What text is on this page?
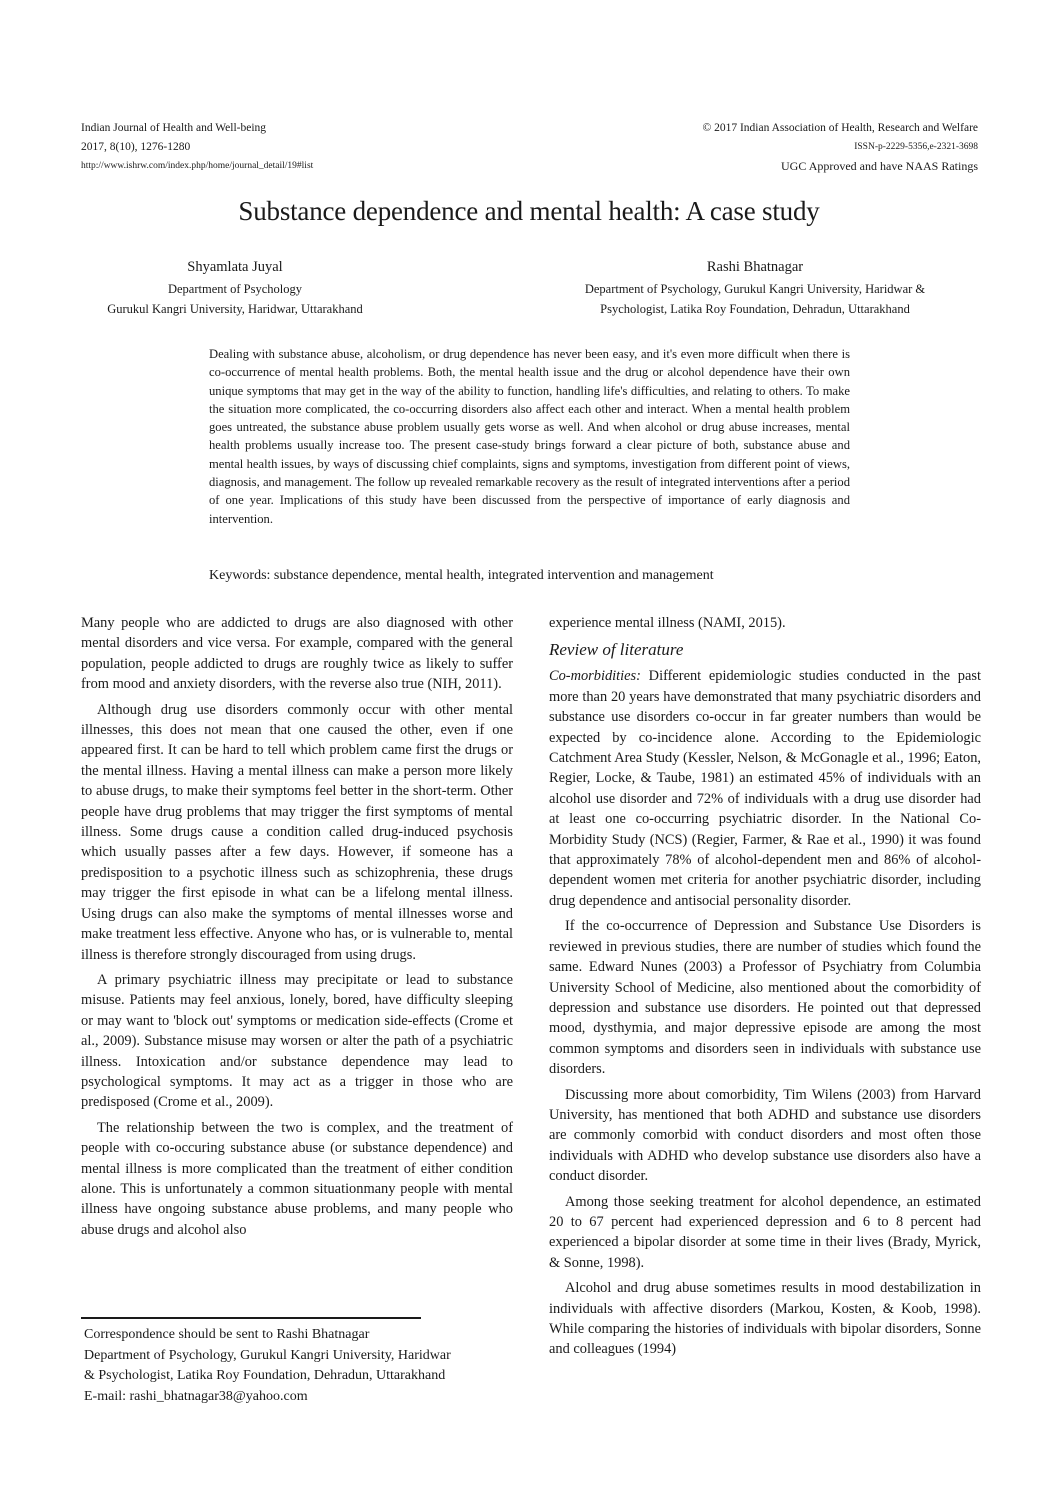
Indian Journal of Health and Well-being
2017, 8(10), 1276-1280
http://www.ishrw.com/index.php/home/journal_detail/19#list
© 2017 Indian Association of Health, Research and Welfare
ISSN-p-2229-5356,e-2321-3698
UGC Approved and have NAAS Ratings
Substance dependence and mental health: A case study
Shyamlata Juyal
Department of Psychology
Gurukul Kangri University, Haridwar, Uttarakhand
Rashi Bhatnagar
Department of Psychology, Gurukul Kangri University, Haridwar &
Psychologist, Latika Roy Foundation, Dehradun, Uttarakhand
Dealing with substance abuse, alcoholism, or drug dependence has never been easy, and it's even more difficult when there is co-occurrence of mental health problems. Both, the mental health issue and the drug or alcohol dependence have their own unique symptoms that may get in the way of the ability to function, handling life's difficulties, and relating to others. To make the situation more complicated, the co-occurring disorders also affect each other and interact. When a mental health problem goes untreated, the substance abuse problem usually gets worse as well. And when alcohol or drug abuse increases, mental health problems usually increase too. The present case-study brings forward a clear picture of both, substance abuse and mental health issues, by ways of discussing chief complaints, signs and symptoms, investigation from different point of views, diagnosis, and management. The follow up revealed remarkable recovery as the result of integrated interventions after a period of one year. Implications of this study have been discussed from the perspective of importance of early diagnosis and intervention.
Keywords: substance dependence, mental health, integrated intervention and management

Many people who are addicted to drugs are also diagnosed with other mental disorders and vice versa. For example, compared with the general population, people addicted to drugs are roughly twice as likely to suffer from mood and anxiety disorders, with the reverse also true (NIH, 2011).

Although drug use disorders commonly occur with other mental illnesses, this does not mean that one caused the other, even if one appeared first. It can be hard to tell which problem came first the drugs or the mental illness. Having a mental illness can make a person more likely to abuse drugs, to make their symptoms feel better in the short-term. Other people have drug problems that may trigger the first symptoms of mental illness. Some drugs cause a condition called drug-induced psychosis which usually passes after a few days. However, if someone has a predisposition to a psychotic illness such as schizophrenia, these drugs may trigger the first episode in what can be a lifelong mental illness. Using drugs can also make the symptoms of mental illnesses worse and make treatment less effective. Anyone who has, or is vulnerable to, mental illness is therefore strongly discouraged from using drugs.

A primary psychiatric illness may precipitate or lead to substance misuse. Patients may feel anxious, lonely, bored, have difficulty sleeping or may want to 'block out' symptoms or medication side-effects (Crome et al., 2009). Substance misuse may worsen or alter the path of a psychiatric illness. Intoxication and/or substance dependence may lead to psychological symptoms. It may act as a trigger in those who are predisposed (Crome et al., 2009).

The relationship between the two is complex, and the treatment of people with co-occuring substance abuse (or substance dependence) and mental illness is more complicated than the treatment of either condition alone. This is unfortunately a common situationmany people with mental illness have ongoing substance abuse problems, and many people who abuse drugs and alcohol also

experience mental illness (NAMI, 2015).

Review of literature

Co-morbidities: Different epidemiologic studies conducted in the past more than 20 years have demonstrated that many psychiatric disorders and substance use disorders co-occur in far greater numbers than would be expected by co-incidence alone. According to the Epidemiologic Catchment Area Study (Kessler, Nelson, & McGonagle et al., 1996; Eaton, Regier, Locke, & Taube, 1981) an estimated 45% of individuals with an alcohol use disorder and 72% of individuals with a drug use disorder had at least one co-occurring psychiatric disorder. In the National Co-Morbidity Study (NCS) (Regier, Farmer, & Rae et al., 1990) it was found that approximately 78% of alcohol-dependent men and 86% of alcohol-dependent women met criteria for another psychiatric disorder, including drug dependence and antisocial personality disorder.

If the co-occurrence of Depression and Substance Use Disorders is reviewed in previous studies, there are number of studies which found the same. Edward Nunes (2003) a Professor of Psychiatry from Columbia University School of Medicine, also mentioned about the comorbidity of depression and substance use disorders. He pointed out that depressed mood, dysthymia, and major depressive episode are among the most common symptoms and disorders seen in individuals with substance use disorders.

Discussing more about comorbidity, Tim Wilens (2003) from Harvard University, has mentioned that both ADHD and substance use disorders are commonly comorbid with conduct disorders and most often those individuals with ADHD who develop substance use disorders also have a conduct disorder.

Among those seeking treatment for alcohol dependence, an estimated 20 to 67 percent had experienced depression and 6 to 8 percent had experienced a bipolar disorder at some time in their lives (Brady, Myrick, & Sonne, 1998).

Alcohol and drug abuse sometimes results in mood destabilization in individuals with affective disorders (Markou, Kosten, & Koob, 1998). While comparing the histories of individuals with bipolar disorders, Sonne and colleagues (1994)

Correspondence should be sent to Rashi Bhatnagar
Department of Psychology, Gurukul Kangri University, Haridwar
& Psychologist, Latika Roy Foundation, Dehradun, Uttarakhand
E-mail: rashi_bhatnagar38@yahoo.com
